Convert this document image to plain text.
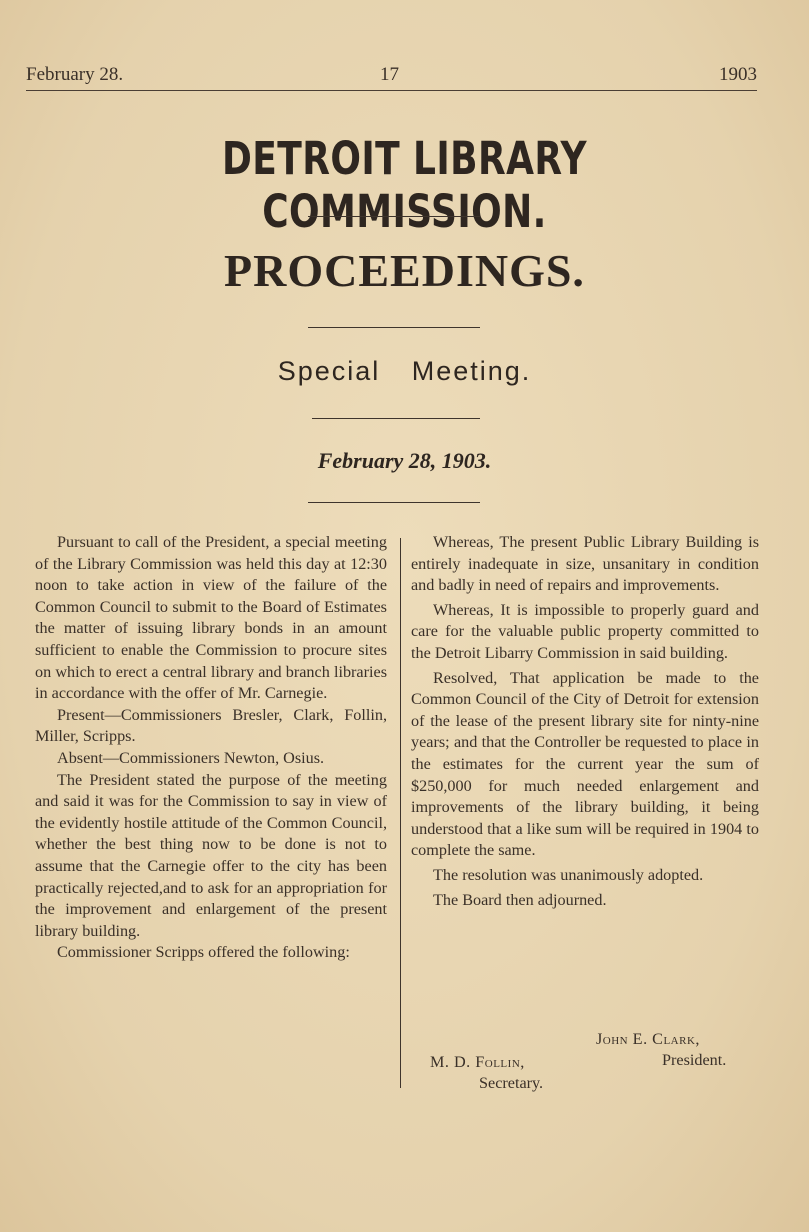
February 28.	17	1903
DETROIT LIBRARY COMMISSION.
PROCEEDINGS.
Special Meeting.
February 28, 1903.

Pursuant to call of the President, a special meeting of the Library Commission was held this day at 12:30 noon to take action in view of the failure of the Common Council to submit to the Board of Estimates the matter of issuing library bonds in an amount sufficient to enable the Commission to procure sites on which to erect a central library and branch libraries in accordance with the offer of Mr. Carnegie.

Present—Commissioners Bresler, Clark, Follin, Miller, Scripps.

Absent—Commissioners Newton, Osius.

The President stated the purpose of the meeting and said it was for the Commission to say in view of the evidently hostile attitude of the Common Council, whether the best thing now to be done is not to assume that the Carnegie offer to the city has been practically rejected,and to ask for an appropriation for the improvement and enlargement of the present library building.

Commissioner Scripps offered the following:

Whereas, The present Public Library Building is entirely inadequate in size, unsanitary in condition and badly in need of repairs and improvements.

Whereas, It is impossible to properly guard and care for the valuable public property committed to the Detroit Libarry Commission in said building.

Resolved, That application be made to the Common Council of the City of Detroit for extension of the lease of the present library site for ninty-nine years; and that the Controller be requested to place in the estimates for the current year the sum of $250,000 for much needed enlargement and improvements of the library building, it being understood that a like sum will be required in 1904 to complete the same.

The resolution was unanimously adopted.

The Board then adjourned.

John E. Clark,
President.
M. D. Follin,
Secretary.
